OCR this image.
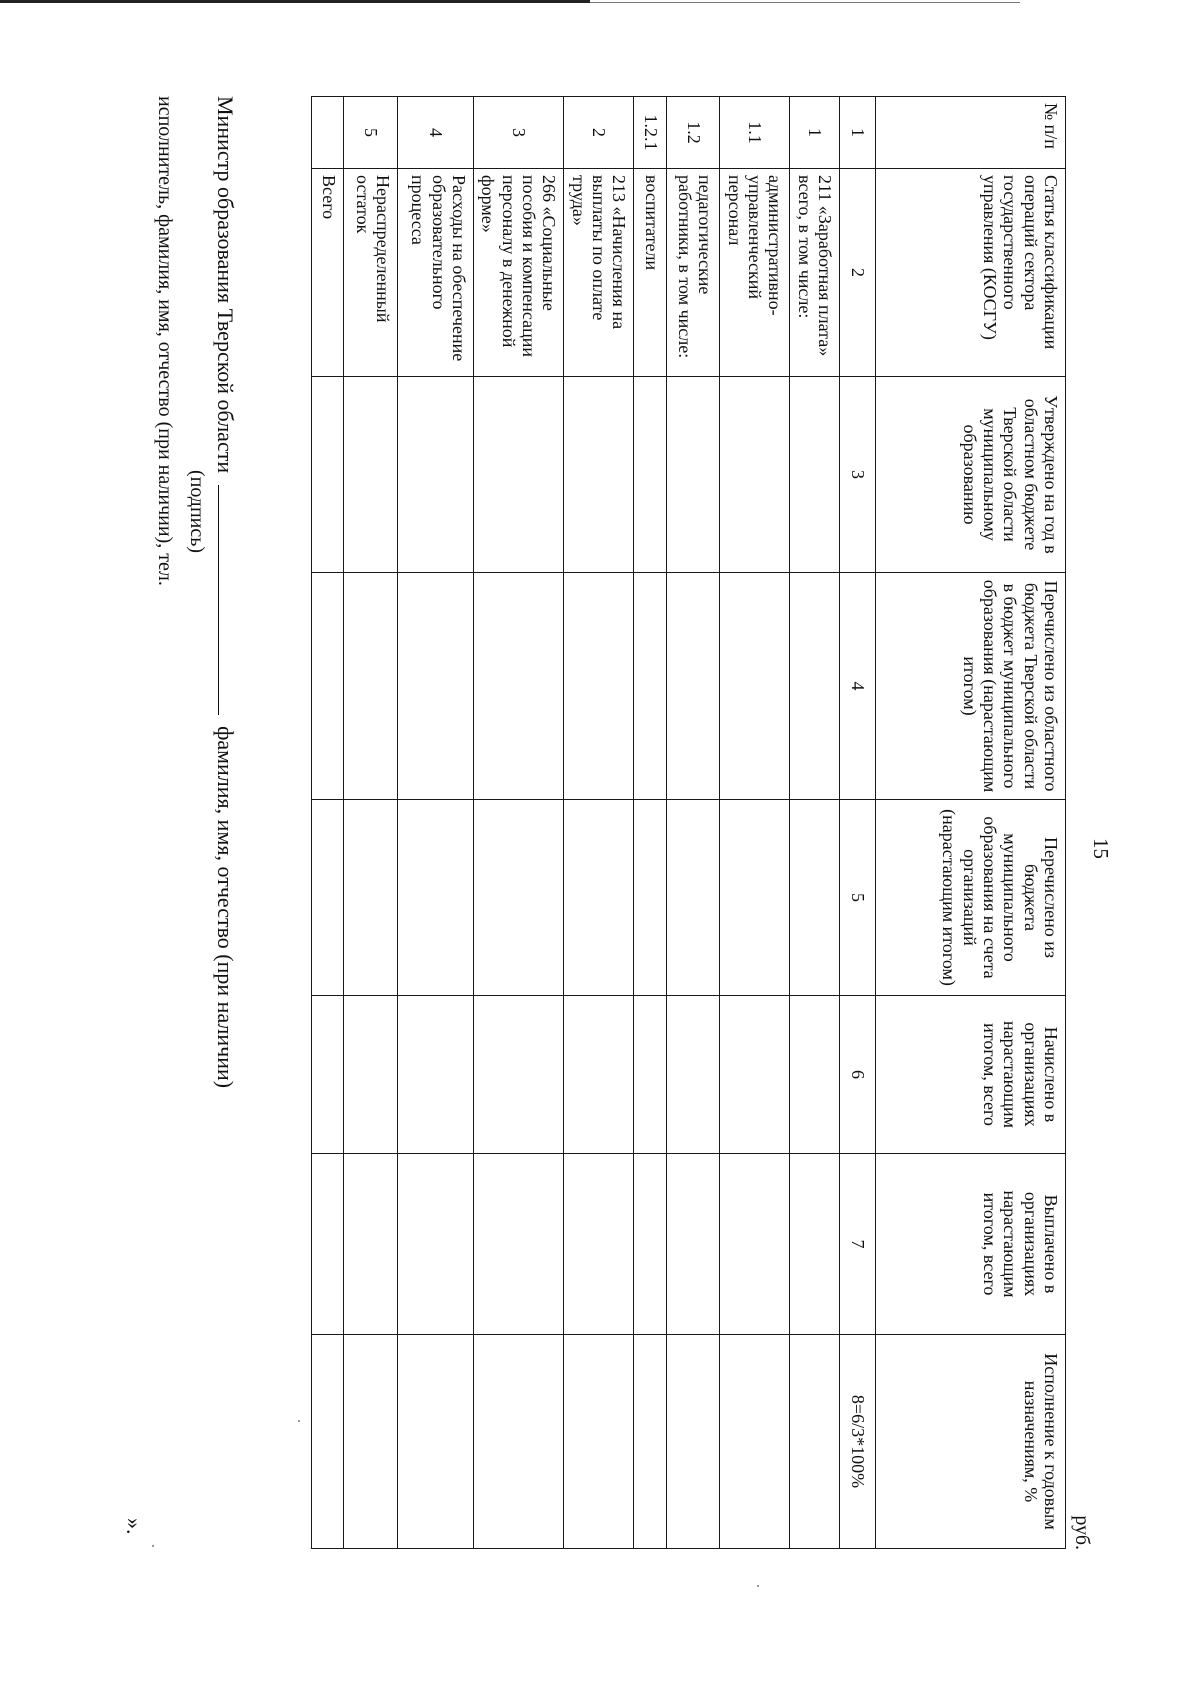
15
руб.
№ п/п	Статья классификации операций сектора государственного управления (КОСГУ)	Утверждено на год в областном бюджете Тверской области муниципальному образованию	Перечислено из областного бюджета Тверской области в бюджет муниципального образования (нарастающим итогом)	Перечислено из бюджета муниципального образования на счета организаций (нарастающим итогом)	Начислено в организациях нарастающим итогом, всего	Выплачено в организациях нарастающим итогом, всего	Исполнение к годовым назначениям, %
1	2	3	4	5	6	7	8=6/3*100%
1	211 «Заработная плата» всего, в том числе:						
1.1	административно-управленческий персонал						
1.2	педагогические работники, в том числе:						
1.2.1	воспитатели						
2	213 «Начисления на выплаты по оплате труда»						
3	266 «Социальные пособия и компенсации персоналу в денежной форме»						
4	Расходы на обеспечение образовательного процесса						
5	Нераспределенный остаток						
	Всего						
Министр образования Тверской области  фамилия, имя, отчество (при наличии)
(подпись)
исполнитель, фамилия, имя, отчество (при наличии), тел.
».
